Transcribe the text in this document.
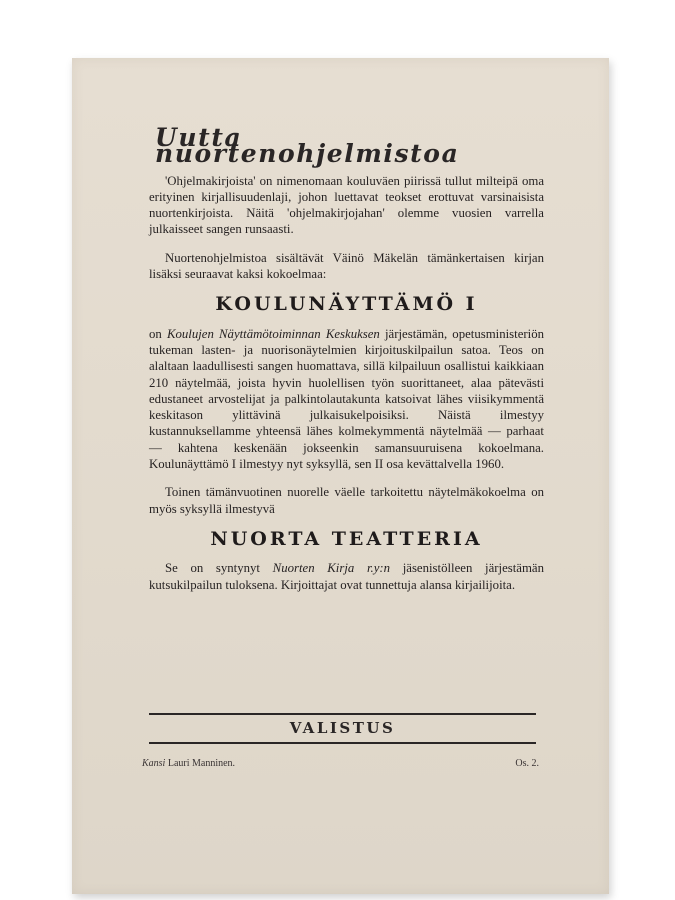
Uutta nuortenohjelmistoa

'Ohjelmakirjoista' on nimenomaan kouluväen piirissä tullut milteipä oma erityinen kirjallisuudenlaji, johon luettavat teokset erottuvat varsinaisista nuortenkirjoista. Näitä 'ohjelmakirjojahan' olemme vuosien varrella julkaisseet sangen runsaasti.

Nuortenohjelmistoa sisältävät Väinö Mäkelän tämänkertaisen kirjan lisäksi seuraavat kaksi kokoelmaa:

KOULUNÄYTTÄMÖ I

on Koulujen Näyttämötoiminnan Keskuksen järjestämän, opetusministeriön tukeman lasten- ja nuorisonäytelmien kirjoituskilpailun satoa. Teos on alaltaan laadullisesti sangen huomattava, sillä kilpailuun osallistui kaikkiaan 210 näytelmää, joista hyvin huolellisen työn suorittaneet, alaa pätevästi edustaneet arvostelijat ja palkintolautakunta katsoivat lähes viisikymmentä keskitason ylittävinä julkaisukelpoisiksi. Näistä ilmestyy kustannuksellamme yhteensä lähes kolmekymmentä näytelmää — parhaat — kahtena keskenään jokseenkin samansuuruisena kokoelmana. Koulunäyttämö I ilmestyy nyt syksyllä, sen II osa kevättalvella 1960.

Toinen tämänvuotinen nuorelle väelle tarkoitettu näytelmäkokoelma on myös syksyllä ilmestyvä

NUORTA TEATTERIA

Se on syntynyt Nuorten Kirja r.y:n jäsenistölleen järjestämän kutsukilpailun tuloksena. Kirjoittajat ovat tunnettuja alansa kirjailijoita.

VALISTUS
Kansi Lauri Manninen.	Os. 2.
